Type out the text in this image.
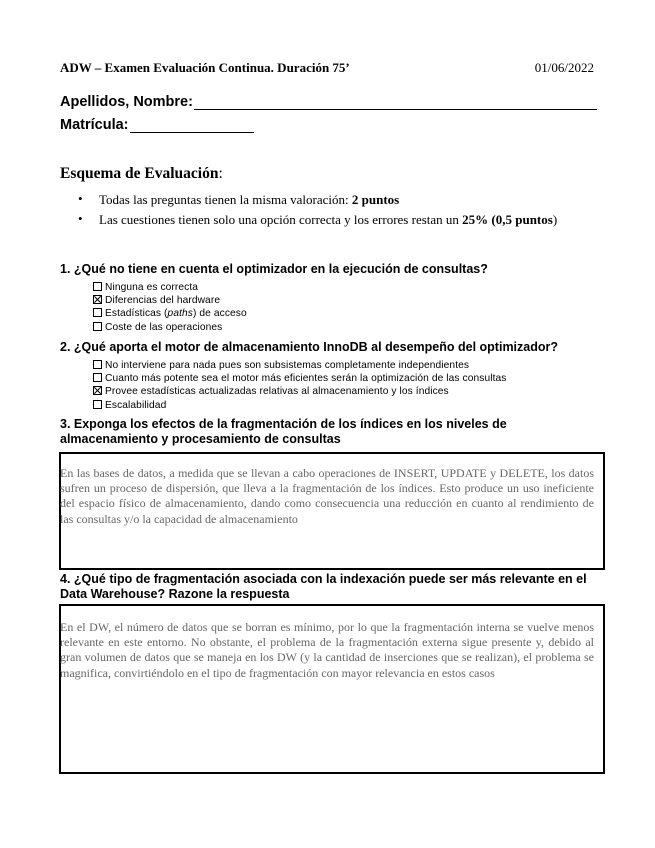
ADW – Examen Evaluación Continua. Duración 75’	01/06/2022
Apellidos, Nombre:
Matrícula:
Esquema de Evaluación:
• Todas las preguntas tienen la misma valoración: 2 puntos
• Las cuestiones tienen solo una opción correcta y los errores restan un 25% (0,5 puntos)
1. ¿Qué no tiene en cuenta el optimizador en la ejecución de consultas?
Ninguna es correcta
Diferencias del hardware
Estadísticas (paths) de acceso
Coste de las operaciones
2. ¿Qué aporta el motor de almacenamiento InnoDB al desempeño del optimizador?
No interviene para nada pues son subsistemas completamente independientes
Cuanto más potente sea el motor más eficientes serán la optimización de las consultas
Provee estadísticas actualizadas relativas al almacenamiento y los índices
Escalabilidad
3. Exponga los efectos de la fragmentación de los índices en los niveles de almacenamiento y procesamiento de consultas
En las bases de datos, a medida que se llevan a cabo operaciones de INSERT, UPDATE y DELETE, los datos sufren un proceso de dispersión, que lleva a la fragmentación de los índices. Esto produce un uso ineficiente del espacio físico de almacenamiento, dando como consecuencia una reducción en cuanto al rendimiento de las consultas y/o la capacidad de almacenamiento
4. ¿Qué tipo de fragmentación asociada con la indexación puede ser más relevante en el Data Warehouse? Razone la respuesta
En el DW, el número de datos que se borran es mínimo, por lo que la fragmentación interna se vuelve menos relevante en este entorno. No obstante, el problema de la fragmentación externa sigue presente y, debido al gran volumen de datos que se maneja en los DW (y la cantidad de inserciones que se realizan), el problema se magnifica, convirtiéndolo en el tipo de fragmentación con mayor relevancia en estos casos
